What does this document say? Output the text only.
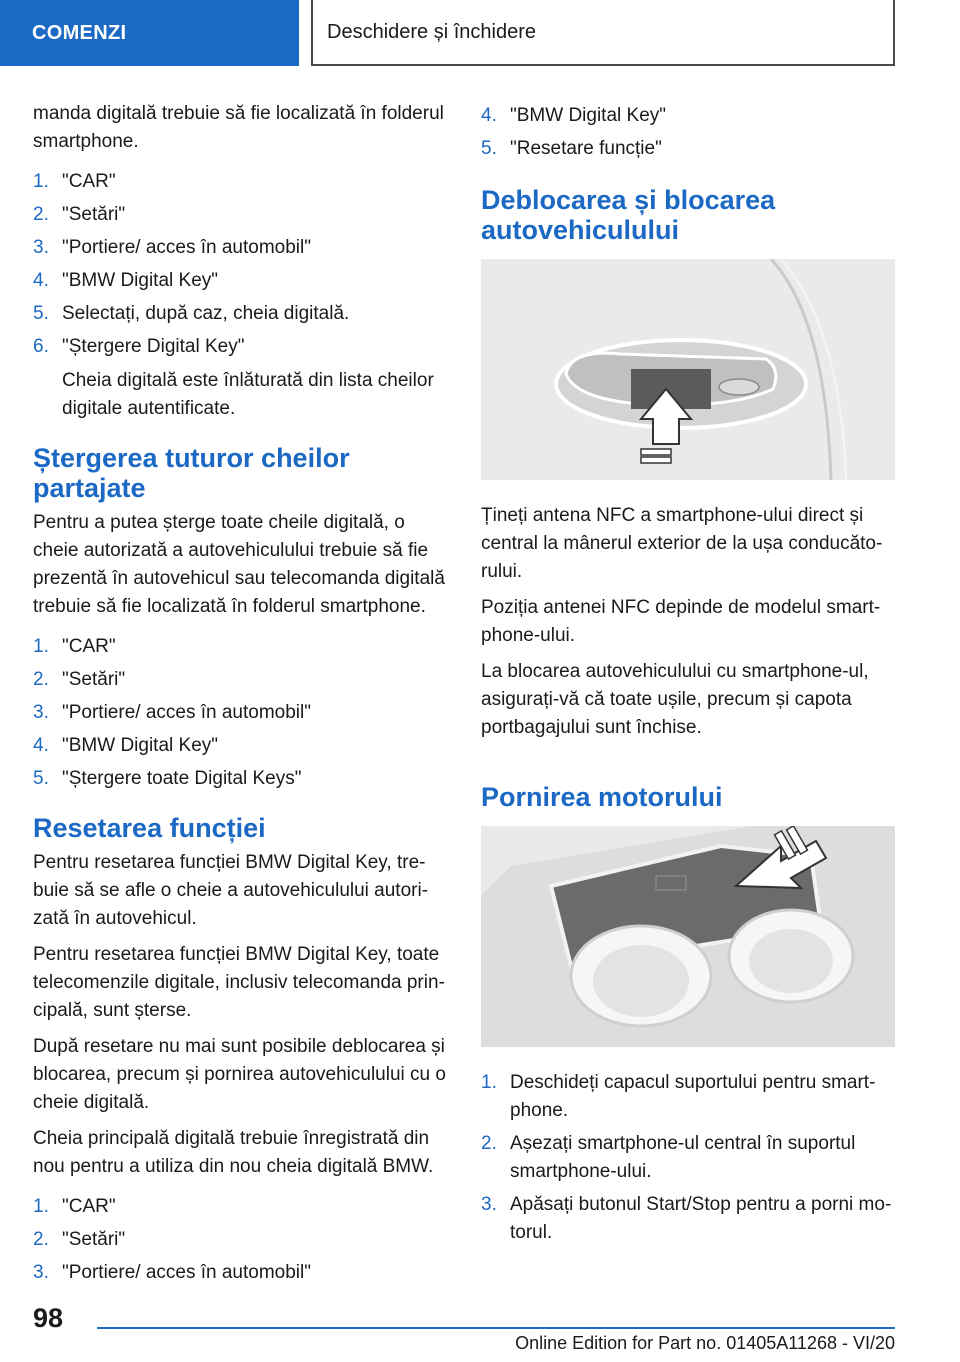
COMENZI	Deschidere și închidere

manda digitală trebuie să fie localizată în folderul smartphone.

1. "CAR"
2. "Setări"
3. "Portiere/ acces în automobil"
4. "BMW Digital Key"
5. Selectați, după caz, cheia digitală.
6. "Ștergere Digital Key"
Cheia digitală este înlăturată din lista cheilor digitale autentificate.
Ștergerea tuturor cheilor partajate

Pentru a putea șterge toate cheile digitală, o cheie autorizată a autovehiculului trebuie să fie prezentă în autovehicul sau telecomanda digitală trebuie să fie localizată în folderul smartphone.

1. "CAR"
2. "Setări"
3. "Portiere/ acces în automobil"
4. "BMW Digital Key"
5. "Ștergere toate Digital Keys"
Resetarea funcției

Pentru resetarea funcției BMW Digital Key, trebuie să se afle o cheie a autovehiculului autorizată în autovehicul.

Pentru resetarea funcției BMW Digital Key, toate telecomenzile digitale, inclusiv telecomanda principală, sunt șterse.

După resetare nu mai sunt posibile deblocarea și blocarea, precum și pornirea autovehiculului cu o cheie digitală.

Cheia principală digitală trebuie înregistrată din nou pentru a utiliza din nou cheia digitală BMW.

1. "CAR"
2. "Setări"
3. "Portiere/ acces în automobil"
4. "BMW Digital Key"
5. "Resetare funcție"
Deblocarea și blocarea autovehiculului

Țineți antena NFC a smartphone-ului direct și central la mânerul exterior de la ușa conducătorului.

Poziția antenei NFC depinde de modelul smartphone-ului.

La blocarea autovehiculului cu smartphone-ul, asigurați-vă că toate ușile, precum și capota portbagajului sunt închise.

Pornirea motorului
1. Deschideți capacul suportului pentru smartphone.
2. Așezați smartphone-ul central în suportul smartphone-ului.
3. Apăsați butonul Start/Stop pentru a porni motorul.
98
Online Edition for Part no. 01405A11268 - VI/20
